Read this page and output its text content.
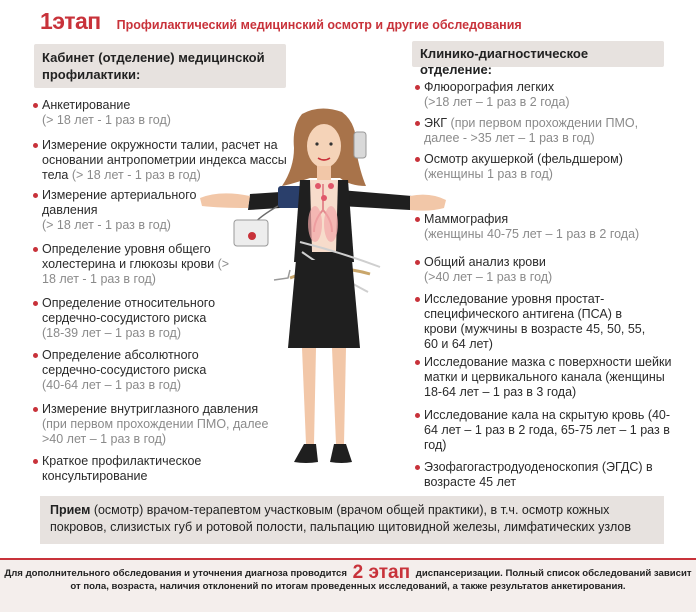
1этап Профилактический медицинский осмотр и другие обследования
Кабинет (отделение) медицинской профилактики:
Анкетирование
(> 18 лет - 1 раз в год)
Измерение окружности талии, расчет на основании антропометрии индекса массы тела (> 18 лет - 1 раз в год)
Измерение артериального давления
(> 18 лет - 1 раз в год)
Определение уровня общего холестерина и глюкозы крови (> 18 лет - 1 раз в год)
Определение относительного сердечно-сосудистого риска
(18-39 лет – 1 раз в год)
Определение абсолютного сердечно-сосудистого риска
(40-64 лет – 1 раз в год)
Измерение внутриглазного давления
(при первом прохождении ПМО, далее >40 лет – 1 раз в год)
Краткое профилактическое консультирование
Клинико-диагностическое отделение:
Флюорография легких
(>18 лет – 1 раз в 2 года)
ЭКГ (при первом прохождении ПМО, далее - >35 лет – 1 раз в год)
Осмотр акушеркой (фельдшером)
(женщины 1 раз в год)
Маммография
(женщины 40-75 лет – 1 раз в 2 года)
Общий анализ крови
(>40 лет – 1 раз в год)
Исследование уровня простат-специфического антигена (ПСА) в крови (мужчины в возрасте 45, 50, 55, 60 и 64 лет)
Исследование мазка с поверхности шейки матки и цервикального канала (женщины 18-64 лет – 1 раз в 3 года)
Исследование кала на скрытую кровь (40-64 лет – 1 раз в 2 года, 65-75 лет – 1 раз в год)
Эзофагогастродуоденоскопия (ЭГДС) в возрасте 45 лет
Прием (осмотр) врачом-терапевтом участковым (врачом общей практики), в т.ч. осмотр кожных покровов, слизистых губ и ротовой полости, пальпацию щитовидной железы, лимфатических узлов
Для дополнительного обследования и уточнения диагноза проводится 2 этап диспансеризации. Полный список обследований зависит от пола, возраста, наличия отклонений по итогам проведенных исследований, а также результатов анкетирования.
